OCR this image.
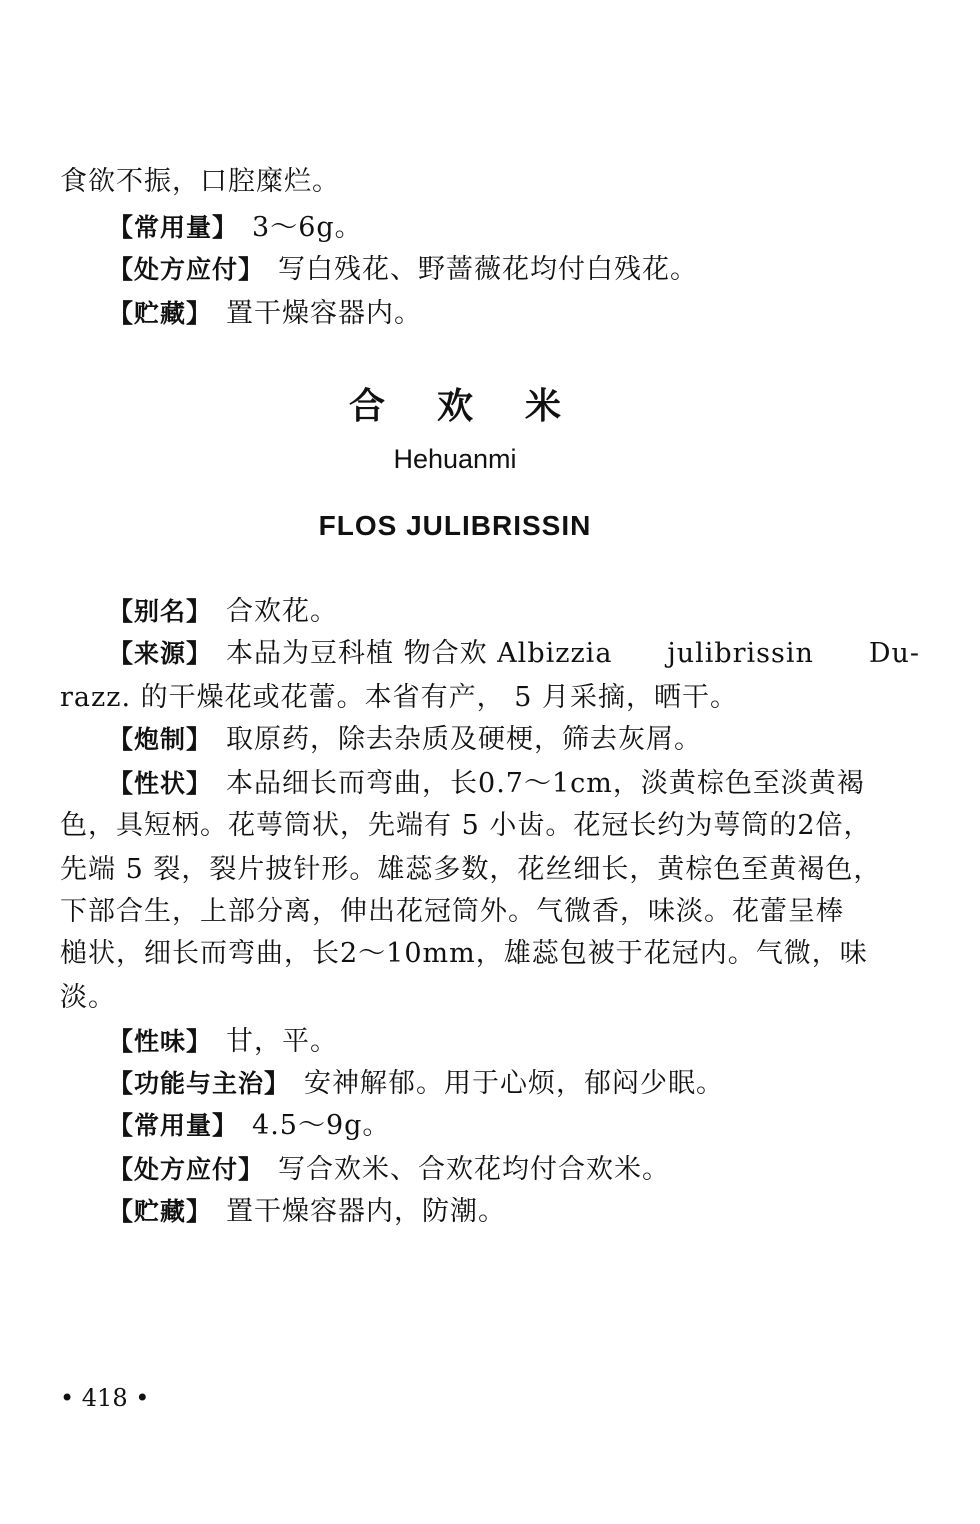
食欲不振，口腔糜烂。
【常用量】 3～6g。
【处方应付】 写白残花、野蔷薇花均付白残花。
【贮藏】 置干燥容器内。
合欢米
Hehuanmi
FLOS JULIBRISSIN
【别名】 合欢花。
【来源】 本品为豆科植 物合欢 Albizzia julibrissin Du-
razz. 的干燥花或花蕾。本省有产， 5 月采摘，晒干。
【炮制】 取原药，除去杂质及硬梗，筛去灰屑。
【性状】 本品细长而弯曲，长0.7～1cm，淡黄棕色至淡黄褐
色，具短柄。花萼筒状，先端有 5 小齿。花冠长约为萼筒的2倍，
先端 5 裂，裂片披针形。雄蕊多数，花丝细长，黄棕色至黄褐色，
下部合生，上部分离，伸出花冠筒外。气微香，味淡。花蕾呈棒
槌状，细长而弯曲，长2～10mm，雄蕊包被于花冠内。气微，味
淡。
【性味】 甘，平。
【功能与主治】 安神解郁。用于心烦，郁闷少眠。
【常用量】 4.5～9g。
【处方应付】 写合欢米、合欢花均付合欢米。
【贮藏】 置干燥容器内，防潮。
• 418 •
